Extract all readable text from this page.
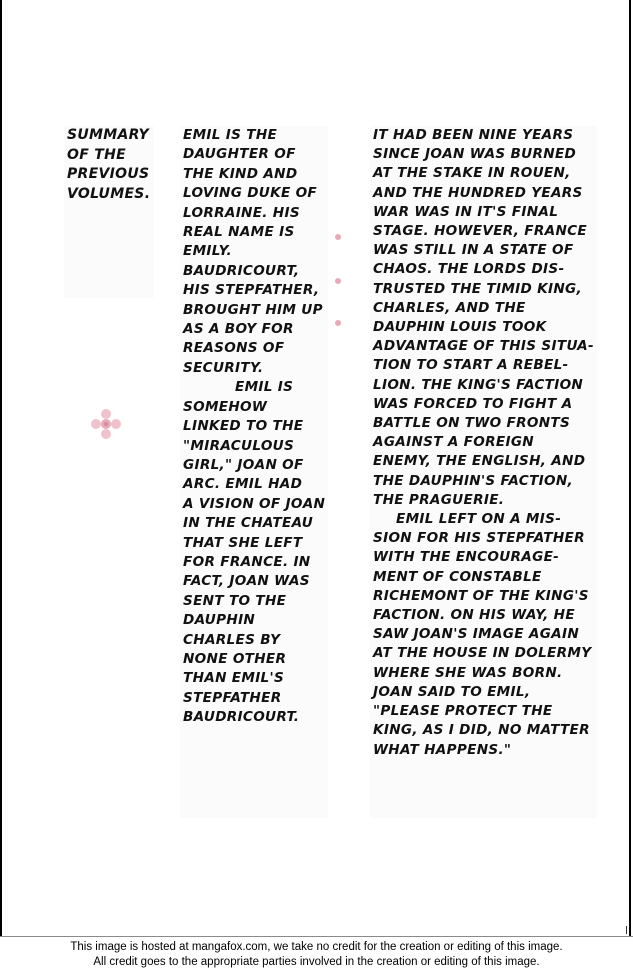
SUMMARY
OF THE
PREVIOUS
VOLUMES.
EMIL IS THE
DAUGHTER OF
THE KIND AND
LOVING DUKE OF
LORRAINE. HIS
REAL NAME IS
EMILY.
BAUDRICOURT,
HIS STEPFATHER,
BROUGHT HIM UP
AS A BOY FOR
REASONS OF
SECURITY.
EMIL IS
SOMEHOW
LINKED TO THE
"MIRACULOUS
GIRL," JOAN OF
ARC. EMIL HAD
A VISION OF JOAN
IN THE CHATEAU
THAT SHE LEFT
FOR FRANCE. IN
FACT, JOAN WAS
SENT TO THE
DAUPHIN
CHARLES BY
NONE OTHER
THAN EMIL'S
STEPFATHER
BAUDRICOURT.
IT HAD BEEN NINE YEARS
SINCE JOAN WAS BURNED
AT THE STAKE IN ROUEN,
AND THE HUNDRED YEARS
WAR WAS IN IT'S FINAL
STAGE. HOWEVER, FRANCE
WAS STILL IN A STATE OF
CHAOS. THE LORDS DIS-
TRUSTED THE TIMID KING,
CHARLES, AND THE
DAUPHIN LOUIS TOOK
ADVANTAGE OF THIS SITUA-
TION TO START A REBEL-
LION. THE KING'S FACTION
WAS FORCED TO FIGHT A
BATTLE ON TWO FRONTS
AGAINST A FOREIGN
ENEMY, THE ENGLISH, AND
THE DAUPHIN'S FACTION,
THE PRAGUERIE.
EMIL LEFT ON A MIS-
SION FOR HIS STEPFATHER
WITH THE ENCOURAGE-
MENT OF CONSTABLE
RICHEMONT OF THE KING'S
FACTION. ON HIS WAY, HE
SAW JOAN'S IMAGE AGAIN
AT THE HOUSE IN DOLERMY
WHERE SHE WAS BORN.
JOAN SAID TO EMIL,
"PLEASE PROTECT THE
KING, AS I DID, NO MATTER
WHAT HAPPENS."
This image is hosted at mangafox.com, we take no credit for the creation or editing of this image.
All credit goes to the appropriate parties involved in the creation or editing of this image.
